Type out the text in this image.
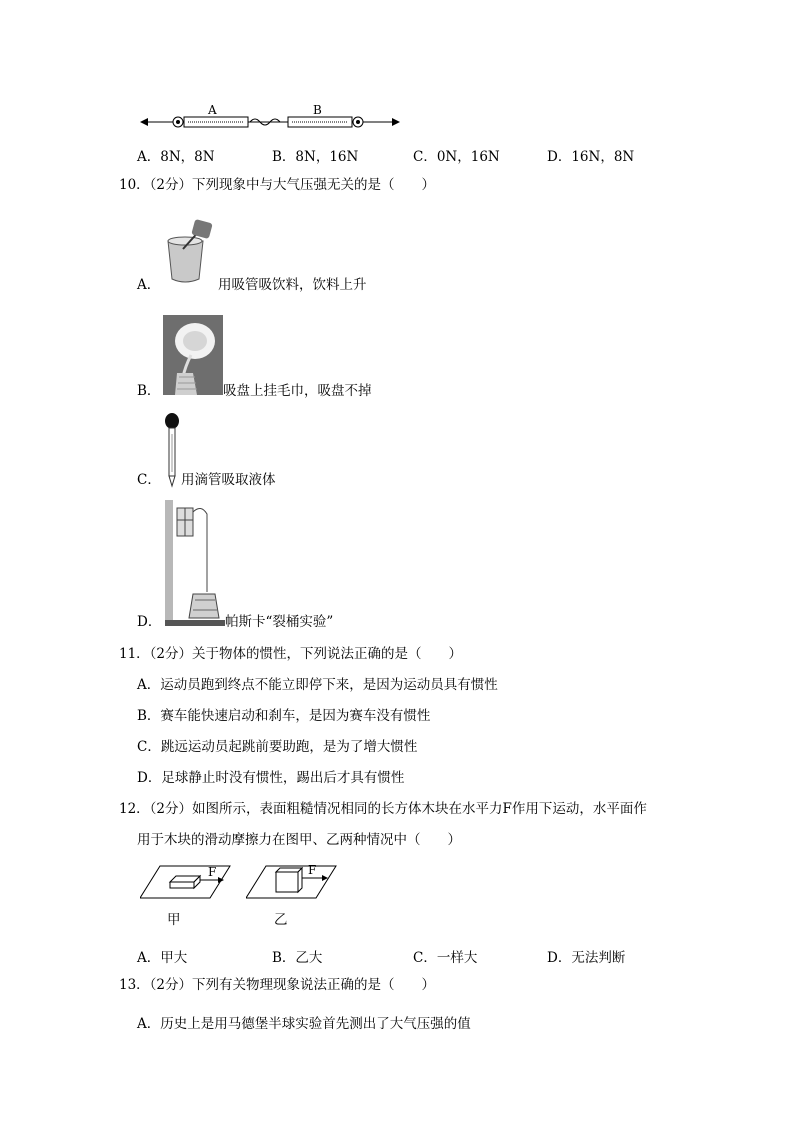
A	B
A．8N，8N	B．8N，16N	C．0N，16N	D．16N，8N
10．（2分）下列现象中与大气压强无关的是（　　）
A．	用吸管吸饮料，饮料上升
B．	吸盘上挂毛巾，吸盘不掉
C． 用滴管吸取液体
D．	帕斯卡“裂桶实验”
11．（2分）关于物体的惯性，下列说法正确的是（　　）
A．运动员跑到终点不能立即停下来，是因为运动员具有惯性
B．赛车能快速启动和刹车，是因为赛车没有惯性
C．跳远运动员起跳前要助跑，是为了增大惯性
D．足球静止时没有惯性，踢出后才具有惯性
12．（2分）如图所示，表面粗糙情况相同的长方体木块在水平力F作用下运动，水平面作
用于木块的滑动摩擦力在图甲、乙两种情况中（　　）
F	F
甲	乙
A．甲大	B．乙大	C．一样大	D．无法判断
13．（2分）下列有关物理现象说法正确的是（　　）
A．历史上是用马德堡半球实验首先测出了大气压强的值
